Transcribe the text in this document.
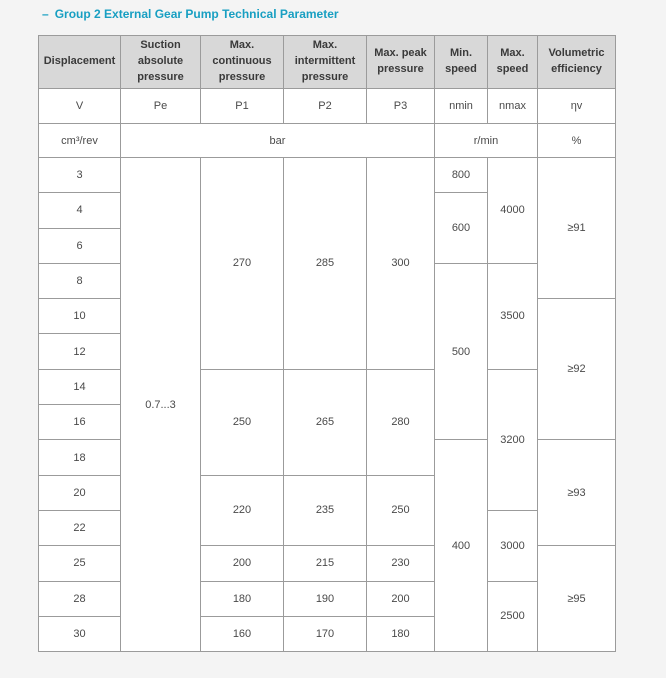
– Group 2 External Gear Pump Technical Parameter
Displacement	Suction absolute pressure	Max. continuous pressure	Max. intermittent pressure	Max. peak pressure	Min. speed	Max. speed	Volumetric efficiency
V	Pe	P1	P2	P3	nmin	nmax	ηv
cm³/rev	bar				r/min		%
3	0.7...3	270	285	300	800	4000	≥91
4					600		
6							
8					500	3500	
10							≥92
12							
14		250	265	280		3200	
16							
18					400		≥93
20		220	235	250			
22						3000	
25		200	215	230			≥95
28		180	190	200		2500	
30		160	170	180			
